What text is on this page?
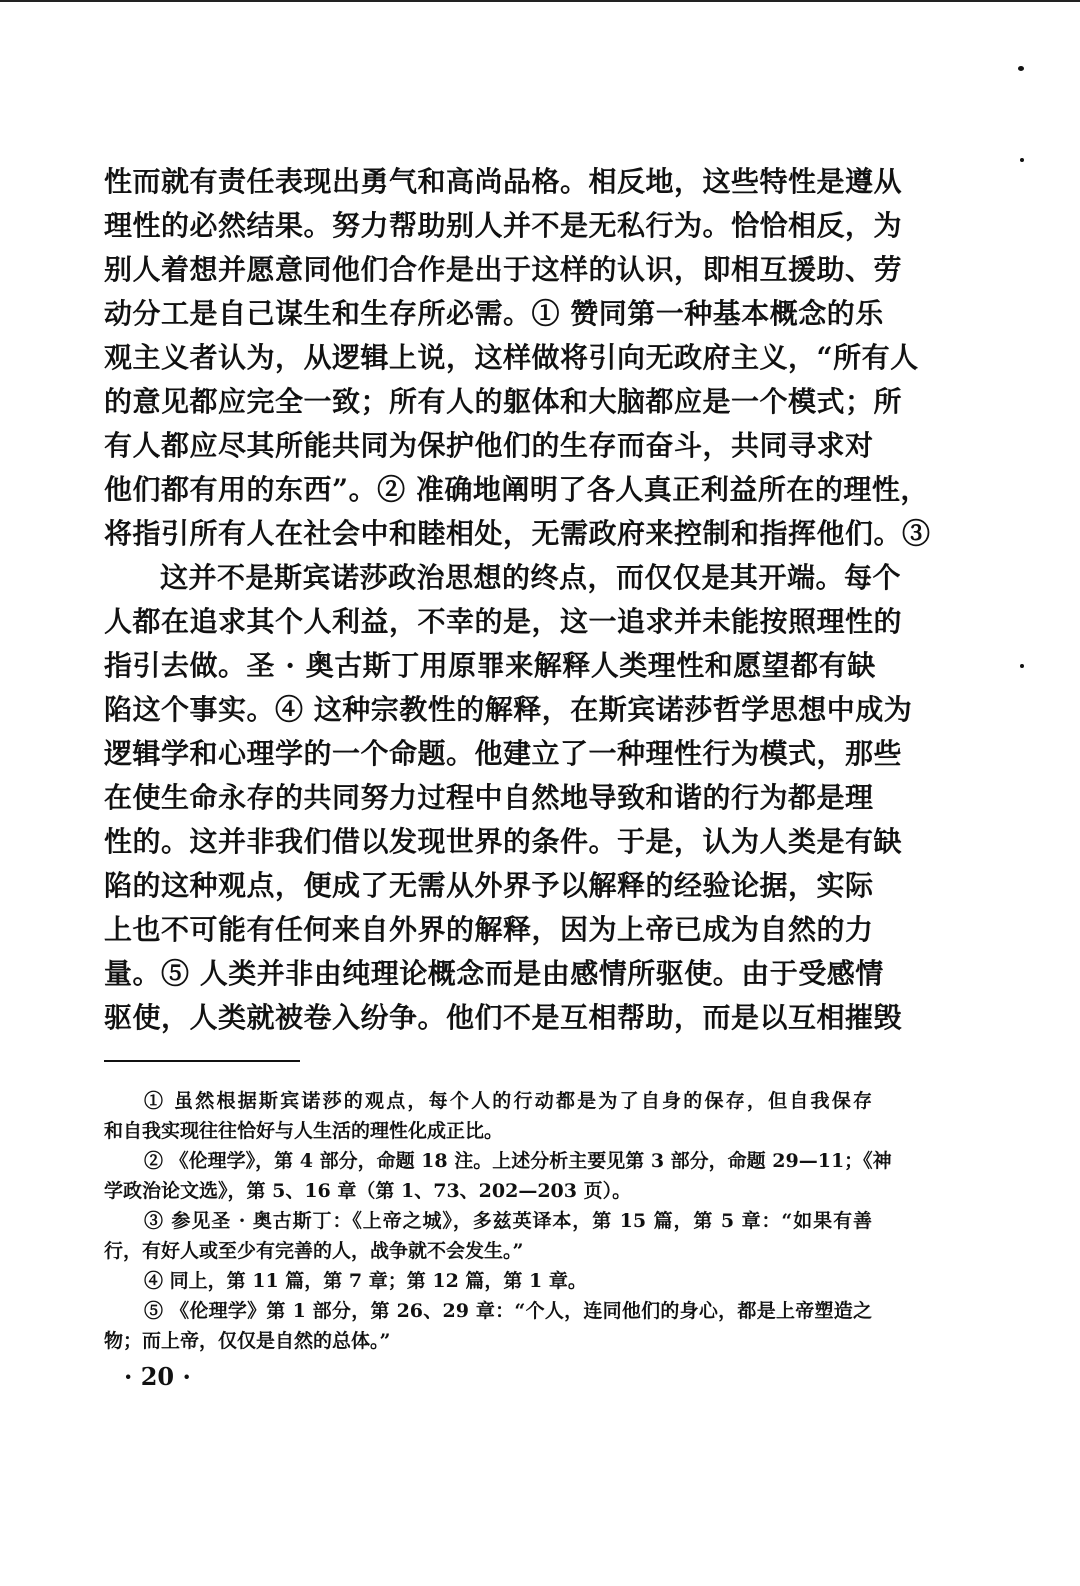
性而就有责任表现出勇气和高尚品格。相反地，这些特性是遵从
理性的必然结果。努力帮助别人并不是无私行为。恰恰相反，为
别人着想并愿意同他们合作是出于这样的认识，即相互援助、劳
动分工是自己谋生和生存所必需。① 赞同第一种基本概念的乐
观主义者认为，从逻辑上说，这样做将引向无政府主义，“所有人
的意见都应完全一致；所有人的躯体和大脑都应是一个模式；所
有人都应尽其所能共同为保护他们的生存而奋斗，共同寻求对
他们都有用的东西”。② 准确地阐明了各人真正利益所在的理性，
将指引所有人在社会中和睦相处，无需政府来控制和指挥他们。③
这并不是斯宾诺莎政治思想的终点，而仅仅是其开端。每个
人都在追求其个人利益，不幸的是，这一追求并未能按照理性的
指引去做。圣 · 奥古斯丁用原罪来解释人类理性和愿望都有缺
陷这个事实。④ 这种宗教性的解释，在斯宾诺莎哲学思想中成为
逻辑学和心理学的一个命题。他建立了一种理性行为模式，那些
在使生命永存的共同努力过程中自然地导致和谐的行为都是理
性的。这并非我们借以发现世界的条件。于是，认为人类是有缺
陷的这种观点，便成了无需从外界予以解释的经验论据，实际
上也不可能有任何来自外界的解释，因为上帝已成为自然的力
量。⑤ 人类并非由纯理论概念而是由感情所驱使。由于受感情
驱使，人类就被卷入纷争。他们不是互相帮助，而是以互相摧毁
① 虽然根据斯宾诺莎的观点，每个人的行动都是为了自身的保存，但自我保存
和自我实现往往恰好与人生活的理性化成正比。
② 《伦理学》，第 4 部分，命题 18 注。上述分析主要见第 3 部分，命题 29—11；《神
学政治论文选》，第 5、16 章（第 1、73、202—203 页）。
③ 参见圣 · 奥古斯丁：《上帝之城》，多兹英译本，第 15 篇，第 5 章：“如果有善
行，有好人或至少有完善的人，战争就不会发生。”
④ 同上，第 11 篇，第 7 章；第 12 篇，第 1 章。
⑤ 《伦理学》第 1 部分，第 26、29 章：“个人，连同他们的身心，都是上帝塑造之
物；而上帝，仅仅是自然的总体。”
· 20 ·
